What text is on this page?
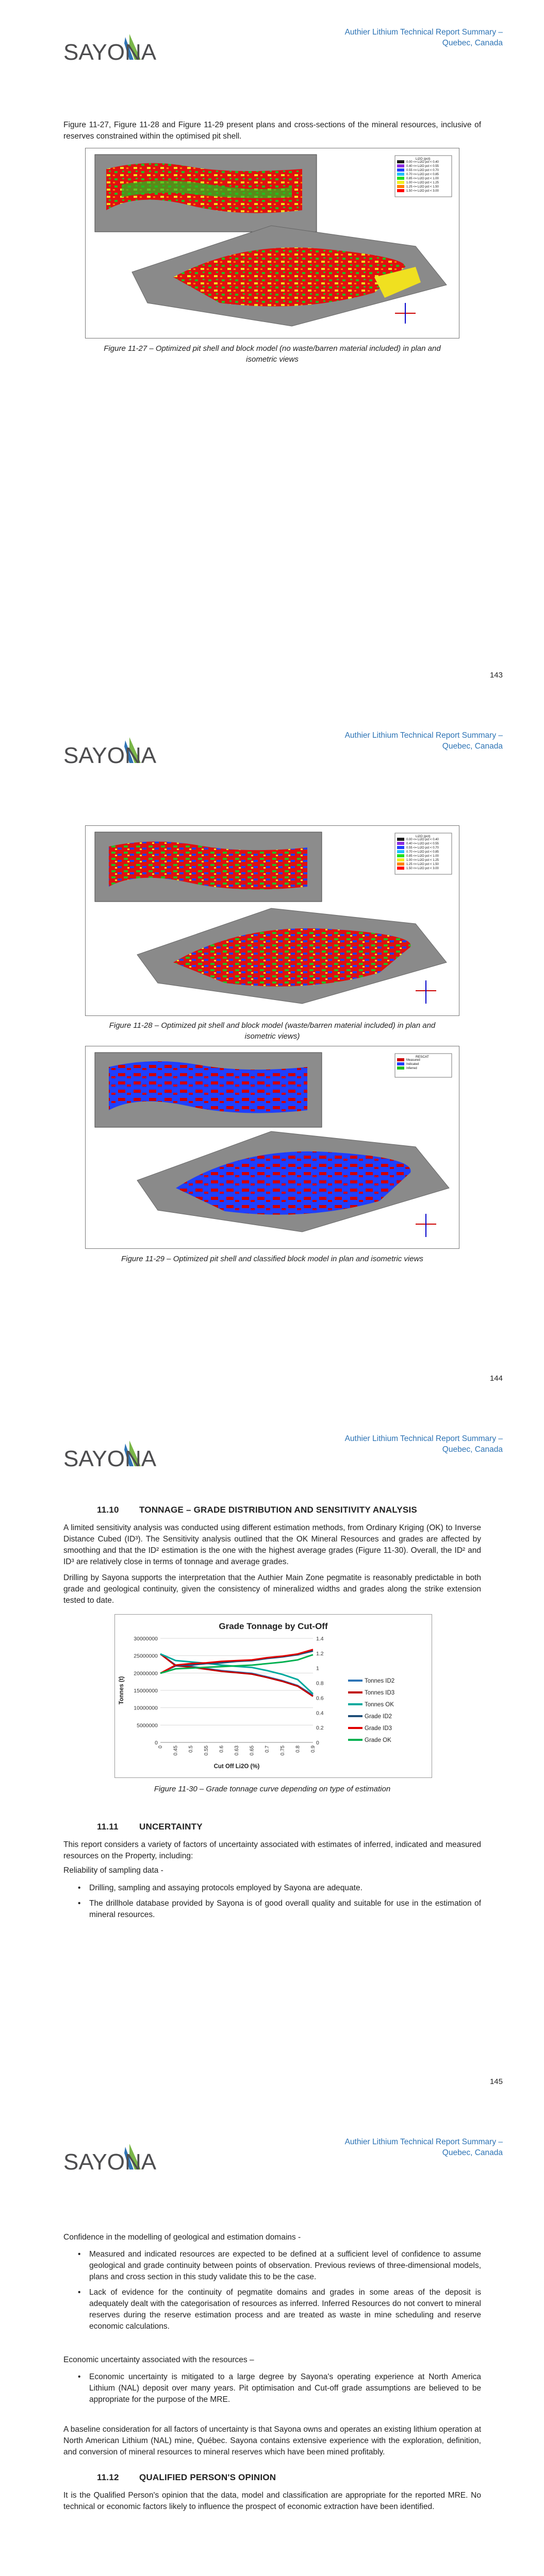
SAYONA
Authier Lithium Technical Report Summary –
Quebec, Canada
Figure 11-27, Figure 11-28 and Figure 11-29 present plans and cross-sections of the mineral resources, inclusive of reserves constrained within the optimised pit shell.
Li2O (pct)
0.00 <= Li2O pct < 0.40
0.40 <= Li2O pct < 0.55
0.55 <= Li2O pct < 0.70
0.70 <= Li2O pct < 0.85
0.85 <= Li2O pct < 1.00
1.00 <= Li2O pct < 1.25
1.25 <= Li2O pct < 1.50
1.50 <= Li2O pct < 3.00
Figure 11-27 – Optimized pit shell and block model (no waste/barren material included) in plan and
isometric views
143
SAYONA
Authier Lithium Technical Report Summary –
Quebec, Canada
Li2O (pct)
0.00 <= Li2O pct < 0.40
0.40 <= Li2O pct < 0.55
0.55 <= Li2O pct < 0.70
0.70 <= Li2O pct < 0.85
0.85 <= Li2O pct < 1.00
1.00 <= Li2O pct < 1.25
1.25 <= Li2O pct < 1.50
1.50 <= Li2O pct < 3.00
Figure 11-28 – Optimized pit shell and block model (waste/barren material included) in plan and
isometric views)
RESCAT
Measured
Indicated
Inferred
Figure 11-29 – Optimized pit shell and classified block model in plan and isometric views
144
SAYONA
Authier Lithium Technical Report Summary –
Quebec, Canada
11.10 TONNAGE – GRADE DISTRIBUTION AND SENSITIVITY ANALYSIS
A limited sensitivity analysis was conducted using different estimation methods, from Ordinary Kriging (OK) to Inverse Distance Cubed (ID³). The Sensitivity analysis outlined that the OK Mineral Resources and grades are affected by smoothing and that the ID² estimation is the one with the highest average grades (Figure 11-30). Overall, the ID² and ID³ are relatively close in terms of tonnage and average grades.
Drilling by Sayona supports the interpretation that the Authier Main Zone pegmatite is reasonably predictable in both grade and geological continuity, given the consistency of mineralized widths and grades along the strike extension tested to date.
Grade Tonnage by Cut-Off
0
5000000
10000000
15000000
20000000
25000000
30000000
0
0.2
0.4
0.6
0.8
1
1.2
1.4
0 0.45 0.5 0.55 0.6 0.63 0.65 0.7 0.75 0.8 0.9
Cut Off Li2O (%)
Tonnes (t)	Tonnes ID2
Tonnes ID3
Tonnes OK
Grade ID2
Grade ID3
Grade OK
Figure 11-30 – Grade tonnage curve depending on type of estimation
11.11 UNCERTAINTY
This report considers a variety of factors of uncertainty associated with estimates of inferred, indicated and measured resources on the Property, including:
Reliability of sampling data -
• Drilling, sampling and assaying protocols employed by Sayona are adequate.
• The drillhole database provided by Sayona is of good overall quality and suitable for use in the estimation of mineral resources.
145
SAYONA
Authier Lithium Technical Report Summary –
Quebec, Canada
Confidence in the modelling of geological and estimation domains -
• Measured and indicated resources are expected to be defined at a sufficient level of confidence to assume geological and grade continuity between points of observation. Previous reviews of three-dimensional models, plans and cross section in this study validate this to be the case.
• Lack of evidence for the continuity of pegmatite domains and grades in some areas of the deposit is adequately dealt with the categorisation of resources as inferred. Inferred Resources do not convert to mineral reserves during the reserve estimation process and are treated as waste in mine scheduling and reserve economic calculations.
Economic uncertainty associated with the resources –
• Economic uncertainty is mitigated to a large degree by Sayona's operating experience at North America Lithium (NAL) deposit over many years. Pit optimisation and Cut-off grade assumptions are believed to be appropriate for the purpose of the MRE.
A baseline consideration for all factors of uncertainty is that Sayona owns and operates an existing lithium operation at North American Lithium (NAL) mine, Québec. Sayona contains extensive experience with the exploration, definition, and conversion of mineral resources to mineral reserves which have been mined profitably.
11.12 QUALIFIED PERSON'S OPINION
It is the Qualified Person's opinion that the data, model and classification are appropriate for the reported MRE. No technical or economic factors likely to influence the prospect of economic extraction have been identified.
